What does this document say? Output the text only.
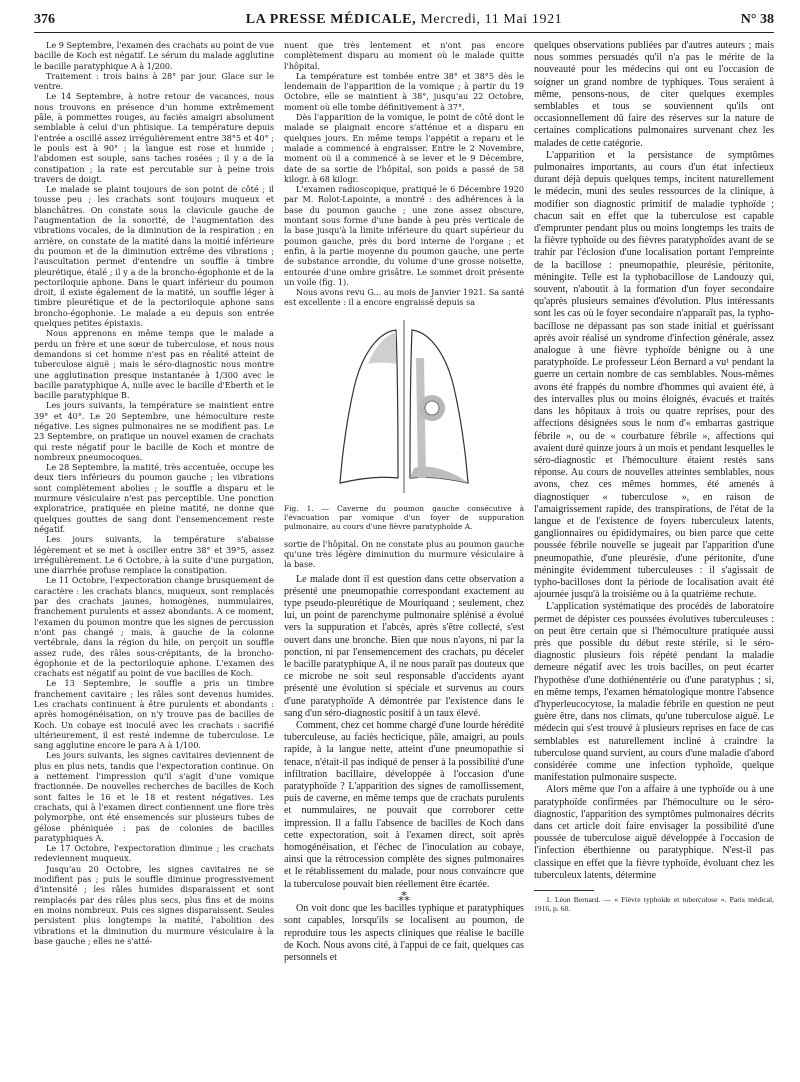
376	LA PRESSE MÉDICALE, Mercredi, 11 Mai 1921	N° 38

Le 9 Septembre, l'examen des crachats au point de vue bacille de Koch est négatif. Le sérum du malade agglutine le bacille paratyphique A à 1/200.

Traitement : trois bains à 28° par jour. Glace sur le ventre.

Le 14 Septembre, à notre retour de vacances, nous nous trouvons en présence d'un homme extrêmement pâle, à pommettes rouges, au faciès amaigri absolument semblable à celui d'un phtisique. La température depuis l'entrée a oscillé assez irrégulièrement entre 38°5 et 40° ; le pouls est à 90° ; la langue est rose et humide ; l'abdomen est souple, sans taches rosées ; il y a de la constipation ; la rate est percutable sur à peine trois travers de doigt.

Le malade se plaint toujours de son point de côté ; il tousse peu ; les crachats sont toujours muqueux et blanchâtres. On constate sous la clavicule gauche de l'augmentation de la sonorité, de l'augmentation des vibrations vocales, de la diminution de la respiration ; en arrière, on constate de la matité dans la moitié inférieure du poumon et de la diminution extrême des vibrations ; l'auscultation permet d'entendre un souffle à timbre pleurétique, étalé ; il y a de la broncho-égophonie et de la pectoriloquie aphone. Dans le quart inférieur du poumon droit, il existe également de la matité, un souffle léger à timbre pleurétique et de la pectoriloquie aphone sans broncho-égophonie. Le malade a eu depuis son entrée quelques petites épistaxis.

Nous apprenons en même temps que le malade a perdu un frère et une sœur de tuberculose, et nous nous demandons si cet homme n'est pas en réalité atteint de tuberculose aiguë ; mais le séro-diagnostic nous montre une agglutination presque instantanée à 1/300 avec le bacille paratyphique A, nulle avec le bacille d'Eberth et le bacille paratyphique B.

Les jours suivants, la température se maintient entre 39° et 40°. Le 20 Septembre, une hémoculture reste négative. Les signes pulmonaires ne se modifient pas. Le 23 Septembre, on pratique un nouvel examen de crachats qui reste négatif pour le bacille de Koch et montre de nombreux pneumocoques.

Le 28 Septembre, la matité, très accentuée, occupe les deux tiers inférieurs du poumon gauche ; les vibrations sont complètement abolies ; le souffle a disparu et le murmure vésiculaire n'est pas perceptible. Une ponction exploratrice, pratiquée en pleine matité, ne donne que quelques gouttes de sang dont l'ensemencement reste négatif.

Les jours suivants, la température s'abaisse légèrement et se met à osciller entre 38° et 39°5, assez irrégulièrement. Le 6 Octobre, à la suite d'une purgation, une diarrhée profuse remplace la constipation.

Le 11 Octobre, l'expectoration change brusquement de caractère : les crachats blancs, muqueux, sont remplacés par des crachats jaunes, homogènes, nummulaires, franchement purulents et assez abondants. A ce moment, l'examen du poumon montre que les signes de percussion n'ont pas changé ; mais, à gauche de la colonne vertébrale, dans la région du hile, on perçoit un souffle assez rude, des râles sous-crépitants, de la broncho-égophonie et de la pectoriloquie aphone. L'examen des crachats est négatif au point de vue bacilles de Koch.

Le 13 Septembre, le souffle a pris un timbre franchement cavitaire ; les râles sont devenus humides. Les crachats continuent à être purulents et abondants : après homogénéisation, on n'y trouve pas de bacilles de Koch. Un cobaye est inoculé avec les crachats : sacrifié ultérieurement, il est resté indemne de tuberculose. Le sang agglutine encore le para A à 1/100.

Les jours suivants, les signes cavitaires deviennent de plus en plus nets, tandis que l'expectoration continue. On a nettement l'impression qu'il s'agit d'une vomique fractionnée. De nouvelles recherches de bacilles de Koch sont faites le 16 et le 18 et restent négatives. Les crachats, qui à l'examen direct contiennent une flore très polymorphe, ont été ensemencés sur plusieurs tubes de gélose phéniquée : pas de colonies de bacilles paratyphiques A.

Le 17 Octobre, l'expectoration diminue ; les crachats redeviennent muqueux.

Jusqu'au 20 Octobre, les signes cavitaires ne se modifient pas ; puis le souffle diminue progressivement d'intensité ; les râles humides disparaissent et sont remplacés par des râles plus secs, plus fins et de moins en moins nombreux. Puis ces signes disparaissent. Seules persistent plus longtemps la matité, l'abolition des vibrations et la diminution du murmure vésiculaire à la base gauche ; elles ne s'atté-

nuent que très lentement et n'ont pas encore complètement disparu au moment où le malade quitte l'hôpital.

La température est tombée entre 38° et 38°5 dès le lendemain de l'apparition de la vomique ; à partir du 19 Octobre, elle se maintient à 38°, jusqu'au 22 Octobre, moment où elle tombe définitivement à 37°.

Dès l'apparition de la vomique, le point de côté dont le malade se plaignait encore s'atténue et a disparu en quelques jours. En même temps l'appétit a reparu et le malade a commencé à engraisser. Entre le 2 Novembre, moment où il a commencé à se lever et le 9 Décembre, date de sa sortie de l'hôpital, son poids a passé de 58 kilogr. à 68 kilogr.

L'examen radioscopique, pratiqué le 6 Décembre 1920 par M. Rolot-Lapointe, a montré : des adhérences à la base du poumon gauche ; une zone assez obscure, montant sous forme d'une bande à peu près verticale de la base jusqu'à la limite inférieure du quart supérieur du poumon gauche, près du bord interne de l'organe ; et enfin, à la partie moyenne du poumon gauche, une perte de substance arrondie, du volume d'une grosse noisette, entourée d'une ombre grisâtre. Le sommet droit présente un voile (fig. 1).

Nous avons revu G... au mois de Janvier 1921. Sa santé est excellente : il a encore engraissé depuis sa

Fig. 1. — Caverne du poumon gauche consécutive à l'évacuation par vomique d'un foyer de suppuration pulmonaire, au cours d'une fièvre paratyphoïde A.

sortie de l'hôpital. On ne constate plus au poumon gauche qu'une très légère diminution du murmure vésiculaire à la base.

Le malade dont il est question dans cette observation a présenté une pneumopathie correspondant exactement au type pseudo-pleurétique de Mouriquand ; seulement, chez lui, un point de parenchyme pulmonaire splénisé a évolué vers la suppuration et l'abcès, après s'être collecté, s'est ouvert dans une bronche. Bien que nous n'ayons, ni par la ponction, ni par l'ensemencement des crachats, pu déceler le bacille paratyphique A, il ne nous paraît pas douteux que ce microbe ne soit seul responsable d'accidents ayant présenté une évolution si spéciale et survenus au cours d'une paratyphoïde A démontrée par l'existence dans le sang d'un séro-diagnostic positif à un taux élevé.

Comment, chez cet homme chargé d'une lourde hérédité tuberculeuse, au faciès hecticique, pâle, amaigri, au pouls rapide, à la langue nette, atteint d'une pneumopathie si tenace, n'était-il pas indiqué de penser à la possibilité d'une infiltration bacillaire, développée à l'occasion d'une paratyphoïde ? L'apparition des signes de ramollissement, puis de caverne, en même temps que de crachats purulents et nummulaires, ne pouvait que corroborer cette impression. Il a fallu l'absence de bacilles de Koch dans cette expectoration, soit à l'examen direct, soit après homogénéisation, et l'échec de l'inoculation au cobaye, ainsi que la rétrocession complète des signes pulmonaires et le rétablissement du malade, pour nous convaincre que la tuberculose pouvait bien réellement être écartée.

⁂

On voit donc que les bacilles typhique et paratyphiques sont capables, lorsqu'ils se localisent au poumon, de reproduire tous les aspects cliniques que réalise le bacille de Koch. Nous avons cité, à l'appui de ce fait, quelques cas personnels et

quelques observations publiées par d'autres auteurs ; mais nous sommes persuadés qu'il n'a pas le mérite de la nouveauté pour les médecins qui ont eu l'occasion de soigner un grand nombre de typhiques. Tous seraient à même, pensons-nous, de citer quelques exemples semblables et tous se souviennent qu'ils ont occasionnellement dû faire des réserves sur la nature de certaines complications pulmonaires survenant chez les malades de cette catégorie.

L'apparition et la persistance de symptômes pulmonaires importants, au cours d'un état infectieux durant déjà depuis quelques temps, incitent naturellement le médecin, muni des seules ressources de la clinique, à modifier son diagnostic primitif de maladie typhoïde ; chacun sait en effet que la tuberculose est capable d'emprunter pendant plus ou moins longtemps les traits de la fièvre typhoïde ou des fièvres paratyphoïdes avant de se trahir par l'éclosion d'une localisation portant l'empreinte de la bacillose : pneumopathie, pleurésie, péritonite, méningite. Telle est la typhobacillose de Landouzy qui, souvent, n'aboutit à la formation d'un foyer secondaire qu'après plusieurs semaines d'évolution. Plus intéressants sont les cas où le foyer secondaire n'apparaît pas, la typho-bacillose ne dépassant pas son stade initial et guérissant après avoir réalisé un syndrome d'infection générale, assez analogue à une fièvre typhoïde bénigne ou à une paratyphoïde. Le professeur Léon Bernard a vu¹ pendant la guerre un certain nombre de cas semblables. Nous-mêmes avons été frappés du nombre d'hommes qui avaient été, à des intervalles plus ou moins éloignés, évacués et traités dans les hôpitaux à trois ou quatre reprises, pour des affections désignées sous le nom d'« embarras gastrique fébrile », ou de « courbature fébrile », affections qui avaient duré quinze jours à un mois et pendant lesquelles le séro-diagnostic et l'hémoculture étaient restés sans réponse. Au cours de nouvelles atteintes semblables, nous avons, chez ces mêmes hommes, été amenés à diagnostiquer « tuberculose », en raison de l'amaigrissement rapide, des transpirations, de l'état de la langue et de l'existence de foyers tuberculeux latents, ganglionnaires ou épididymaires, ou bien parce que cette poussée fébrile nouvelle se jugeait par l'apparition d'une pneumopathie, d'une pleurésie, d'une péritonite, d'une méningite évidemment tuberculeuses : il s'agissait de typho-bacilloses dont la période de localisation avait été ajournée jusqu'à la troisième ou à la quatrième rechute.

L'application systématique des procédés de laboratoire permet de dépister ces poussées évolutives tuberculeuses : on peut être certain que si l'hémoculture pratiquée aussi près que possible du début reste stérile, si le séro-diagnostic plusieurs fois répété pendant la maladie demeure négatif avec les trois bacilles, on peut écarter l'hypothèse d'une dothiénentérie ou d'une paratyphus ; si, en même temps, l'examen hématologique montre l'absence d'hyperleucocytose, la maladie fébrile en question ne peut guère être, dans nos climats, qu'une tuberculose aiguë. Le médecin qui s'est trouvé à plusieurs reprises en face de cas semblables est naturellement incliné à craindre la tuberculose quand survient, au cours d'une maladie d'abord considérée comme une infection typhoïde, quelque manifestation pulmonaire suspecte.

Alors même que l'on a affaire à une typhoïde ou à une paratyphoïde confirmées par l'hémoculture ou le séro-diagnostic, l'apparition des symptômes pulmonaires décrits dans cet article doit faire envisager la possibilité d'une poussée de tuberculose aiguë développée à l'occasion de l'infection éberthienne ou paratyphique. N'est-il pas classique en effet que la fièvre typhoïde, évoluant chez les tuberculeux latents, détermine

1. Léon Bernard. — « Fièvre typhoïde et tuberculose ». Paris médical, 1916, p. 68.
